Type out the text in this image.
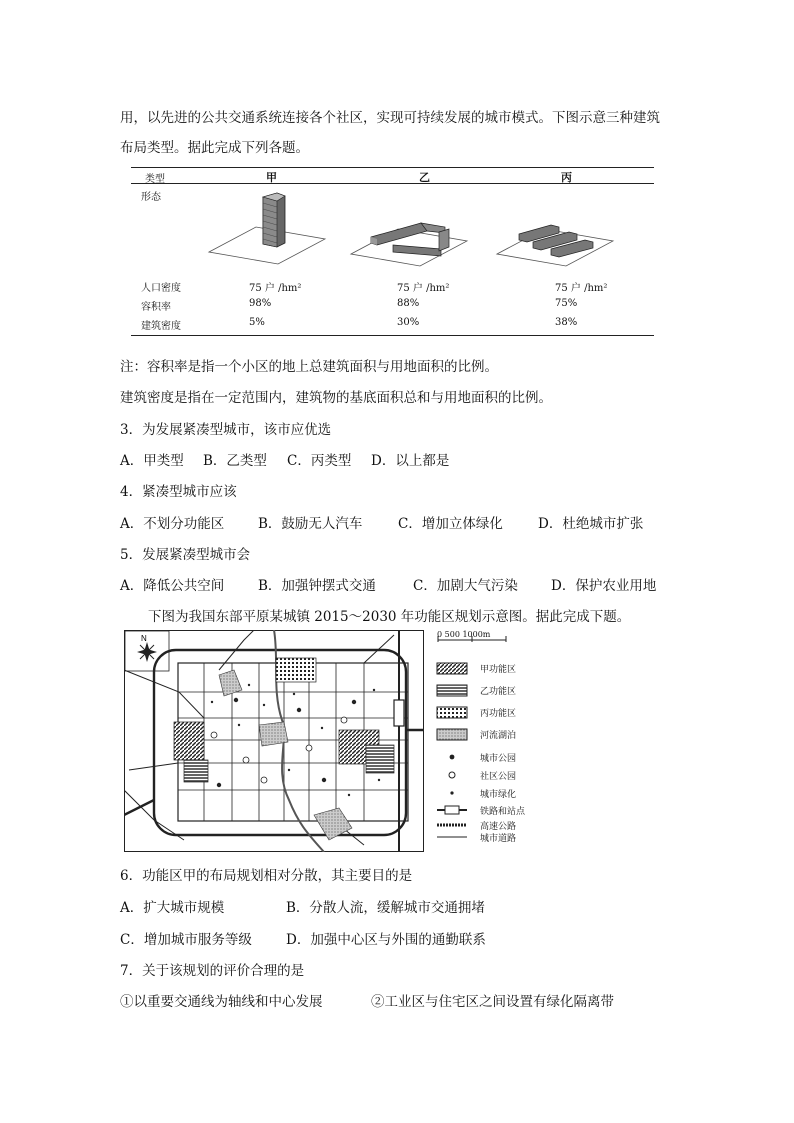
用，以先进的公共交通系统连接各个社区，实现可持续发展的城市模式。下图示意三种建筑
布局类型。据此完成下列各题。
类型	甲	乙	丙
形态
人口密度	75 户 /hm²	75 户 /hm²	75 户 /hm²
容积率	98%	88%	75%
建筑密度	5%	30%	38%
注：容积率是指一个小区的地上总建筑面积与用地面积的比例。
建筑密度是指在一定范围内，建筑物的基底面积总和与用地面积的比例。
3．为发展紧凑型城市，该市应优选
A．甲类型 B．乙类型 C．丙类型 D．以上都是
4．紧凑型城市应该
A．不划分功能区	B．鼓励无人汽车	C．增加立体绿化	D．杜绝城市扩张
5．发展紧凑型城市会
A．降低公共空间	B．加强钟摆式交通	C．加剧大气污染 D．保护农业用地
下图为我国东部平原某城镇 2015～2030 年功能区规划示意图。据此完成下题。
N	0 500 1000m
甲功能区
乙功能区
丙功能区
河流湖泊
城市公园
社区公园
城市绿化
铁路和站点
高速公路
城市道路
6．功能区甲的布局规划相对分散，其主要目的是
A．扩大城市规模	B．分散人流，缓解城市交通拥堵
C．增加城市服务等级	D．加强中心区与外围的通勤联系
7．关于该规划的评价合理的是
①以重要交通线为轴线和中心发展	②工业区与住宅区之间设置有绿化隔离带
